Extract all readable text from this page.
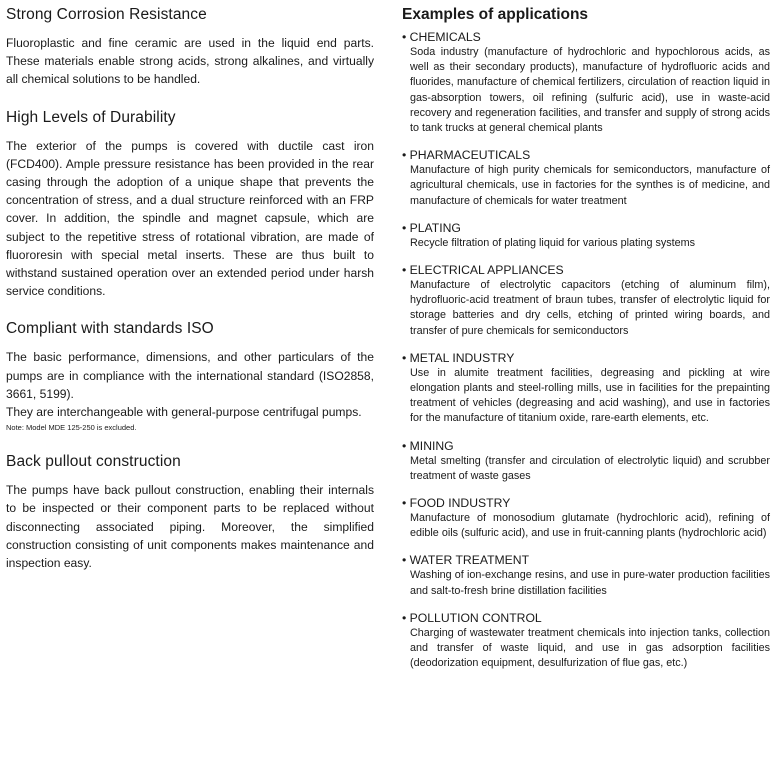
Strong Corrosion Resistance

Fluoroplastic and fine ceramic are used in the liquid end parts. These materials enable strong acids, strong alkalines, and virtually all chemical solutions to be handled.

High Levels of Durability

The exterior of the pumps is covered with ductile cast iron (FCD400). Ample pressure resistance has been provided in the rear casing through the adoption of a unique shape that prevents the concentration of stress, and a dual structure reinforced with an FRP cover. In addition, the spindle and magnet capsule, which are subject to the repetitive stress of rotational vibration, are made of fluororesin with special metal inserts. These are thus built to withstand sustained operation over an extended period under harsh service conditions.

Compliant with standards ISO

The basic performance, dimensions, and other particulars of the pumps are in compliance with the international standard (ISO2858, 3661, 5199).

They are interchangeable with general-purpose centrifugal pumps.

Note: Model MDE 125-250 is excluded.
Back pullout construction

The pumps have back pullout construction, enabling their internals to be inspected or their component parts to be replaced without disconnecting associated piping. Moreover, the simplified construction consisting of unit components makes maintenance and inspection easy.

Examples of applications
• CHEMICALS

Soda industry (manufacture of hydrochloric and hypochlorous acids, as well as their secondary products), manufacture of hydrofluoric acids and fluorides, manufacture of chemical fertilizers, circulation of reaction liquid in gas-absorption towers, oil refining (sulfuric acid), use in waste-acid recovery and regeneration facilities, and transfer and supply of strong acids to tank trucks at general chemical plants

• PHARMACEUTICALS

Manufacture of high purity chemicals for semiconductors, manufacture of agricultural chemicals, use in factories for the synthes is of medicine, and manufacture of chemicals for water treatment

• PLATING

Recycle filtration of plating liquid for various plating systems

• ELECTRICAL APPLIANCES

Manufacture of electrolytic capacitors (etching of aluminum film), hydrofluoric-acid treatment of braun tubes, transfer of electrolytic liquid for storage batteries and dry cells, etching of printed wiring boards, and transfer of pure chemicals for semiconductors

• METAL INDUSTRY

Use in alumite treatment facilities, degreasing and pickling at wire elongation plants and steel-rolling mills, use in facilities for the prepainting treatment of vehicles (degreasing and acid washing), and use in factories for the manufacture of titanium oxide, rare-earth elements, etc.

• MINING

Metal smelting (transfer and circulation of electrolytic liquid) and scrubber treatment of waste gases

• FOOD INDUSTRY

Manufacture of monosodium glutamate (hydrochloric acid), refining of edible oils (sulfuric acid), and use in fruit-canning plants (hydrochloric acid)

• WATER TREATMENT

Washing of ion-exchange resins, and use in pure-water production facilities and salt-to-fresh brine distillation facilities

• POLLUTION CONTROL

Charging of wastewater treatment chemicals into injection tanks, collection and transfer of waste liquid, and use in gas adsorption facilities (deodorization equipment, desulfurization of flue gas, etc.)
